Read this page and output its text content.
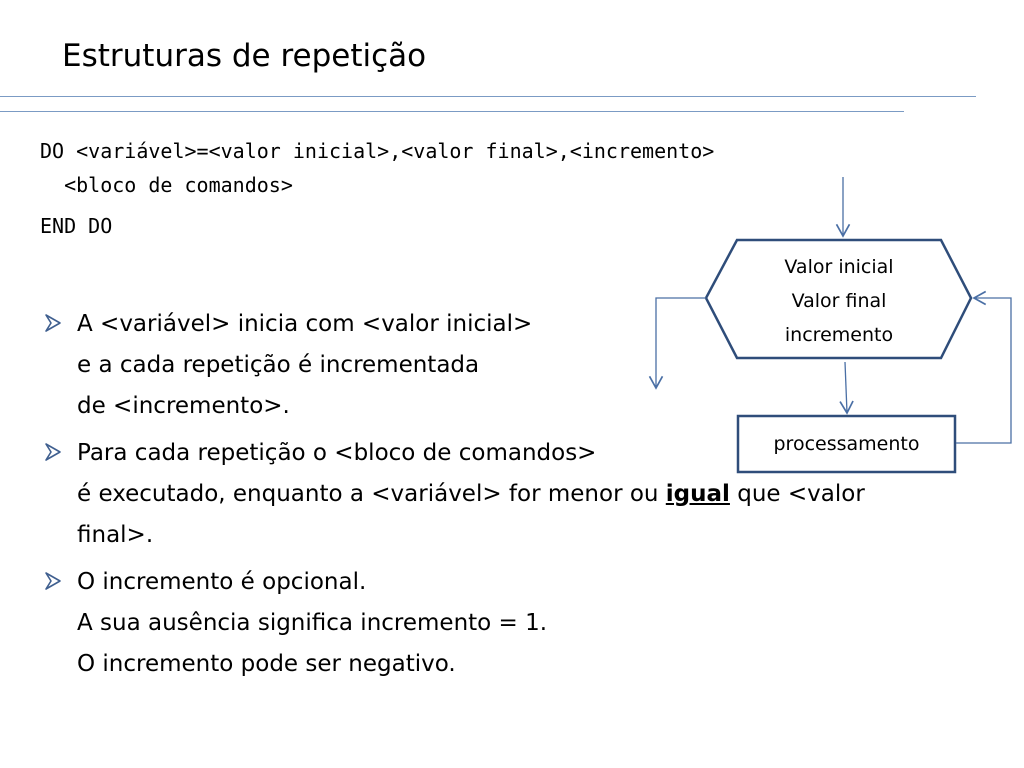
Estruturas de repetição
DO <variável>=<valor inicial>,<valor final>,<incremento>
<bloco de comandos>
END DO
Valor inicial
Valor final
incremento
processamento
A <variável> inicia com <valor inicial>
e a cada repetição é incrementada
de <incremento>.
Para cada repetição o <bloco de comandos>
é executado, enquanto a <variável> for menor ou igual que <valor
final>.
O incremento é opcional.
A sua ausência significa incremento = 1.
O incremento pode ser negativo.
